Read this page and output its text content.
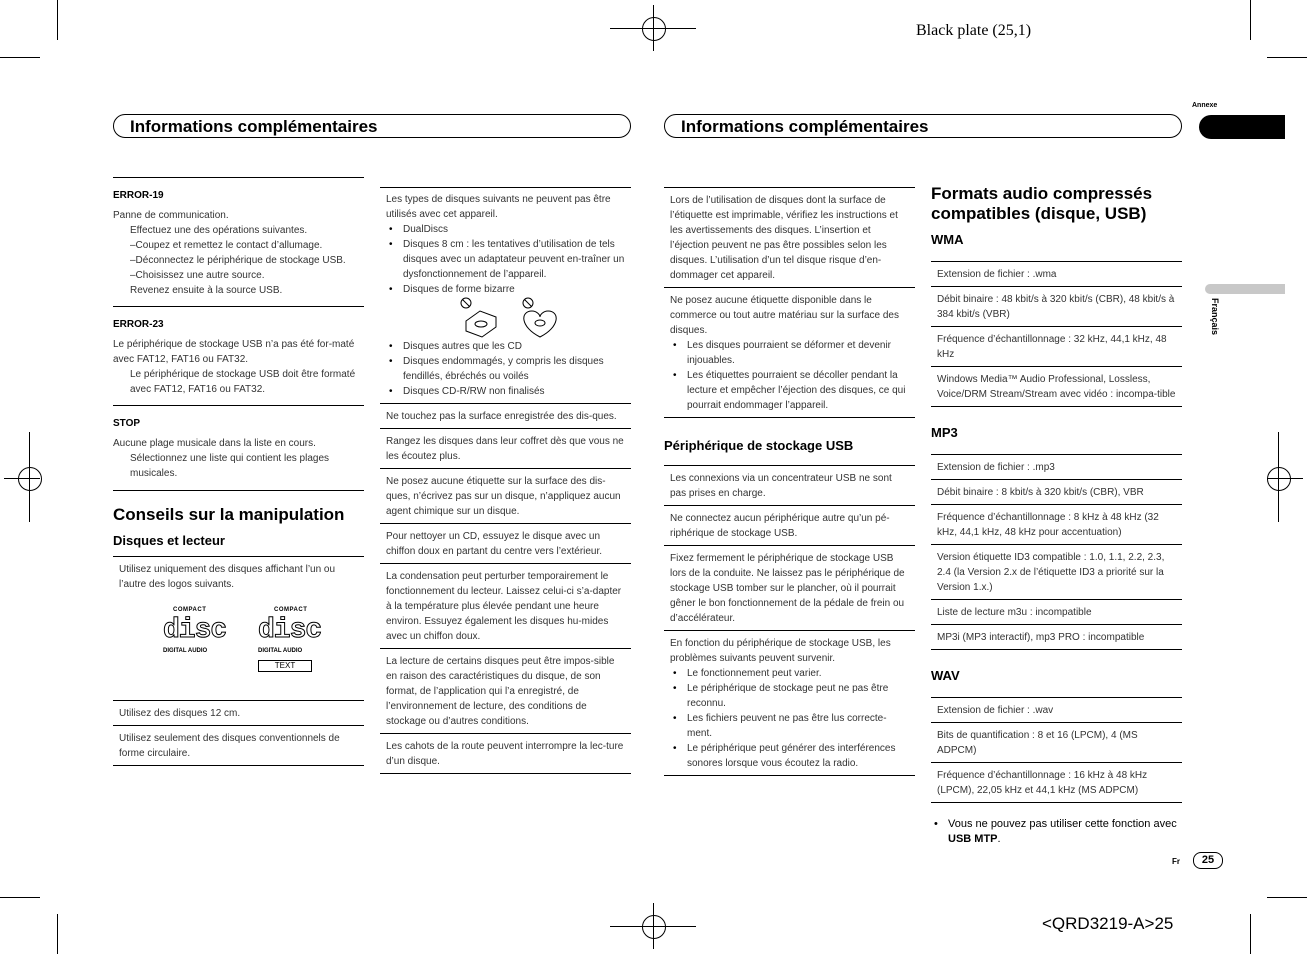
Black plate (25,1)
Informations complémentaires	Informations complémentaires
Annexe
Français
ERROR-19
Panne de communication.
Effectuez une des opérations suivantes.
–Coupez et remettez le contact d’allumage.
–Déconnectez le périphérique de stockage USB.
–Choisissez une autre source.
Revenez ensuite à la source USB.
ERROR-23
Le périphérique de stockage USB n’a pas été for-maté avec FAT12, FAT16 ou FAT32.
Le périphérique de stockage USB doit être formaté avec FAT12, FAT16 ou FAT32.
STOP
Aucune plage musicale dans la liste en cours.
Sélectionnez une liste qui contient les plages musicales.
Conseils sur la manipulation
Disques et lecteur
Utilisez uniquement des disques affichant l’un ou l’autre des logos suivants.
COMPACT
disc
DIGITAL AUDIO
COMPACT
disc
DIGITAL AUDIO
TEXT
Utilisez des disques 12 cm.
Utilisez seulement des disques conventionnels de forme circulaire.
Les types de disques suivants ne peuvent pas être utilisés avec cet appareil.
• DualDiscs
• Disques 8 cm : les tentatives d’utilisation de tels disques avec un adaptateur peuvent en-traîner un dysfonctionnement de l’appareil.
• Disques de forme bizarre
• Disques autres que les CD
• Disques endommagés, y compris les disques fendillés, ébréchés ou voilés
• Disques CD-R/RW non finalisés
Ne touchez pas la surface enregistrée des dis-ques.
Rangez les disques dans leur coffret dès que vous ne les écoutez plus.
Ne posez aucune étiquette sur la surface des dis-ques, n’écrivez pas sur un disque, n’appliquez aucun agent chimique sur un disque.
Pour nettoyer un CD, essuyez le disque avec un chiffon doux en partant du centre vers l’extérieur.
La condensation peut perturber temporairement le fonctionnement du lecteur. Laissez celui-ci s’a-dapter à la température plus élevée pendant une heure environ. Essuyez également les disques hu-mides avec un chiffon doux.
La lecture de certains disques peut être impos-sible en raison des caractéristiques du disque, de son format, de l’application qui l’a enregistré, de l’environnement de lecture, des conditions de stockage ou d’autres conditions.
Les cahots de la route peuvent interrompre la lec-ture d’un disque.
Lors de l’utilisation de disques dont la surface de l’étiquette est imprimable, vérifiez les instructions et les avertissements des disques. L’insertion et l’éjection peuvent ne pas être possibles selon les disques. L’utilisation d’un tel disque risque d’en-dommager cet appareil.
Ne posez aucune étiquette disponible dans le commerce ou tout autre matériau sur la surface des disques.
• Les disques pourraient se déformer et devenir injouables.
• Les étiquettes pourraient se décoller pendant la lecture et empêcher l’éjection des disques, ce qui pourrait endommager l’appareil.
Périphérique de stockage USB
Les connexions via un concentrateur USB ne sont pas prises en charge.
Ne connectez aucun périphérique autre qu’un pé-riphérique de stockage USB.
Fixez fermement le périphérique de stockage USB lors de la conduite. Ne laissez pas le périphérique de stockage USB tomber sur le plancher, où il pourrait gêner le bon fonctionnement de la pédale de frein ou d’accélérateur.
En fonction du périphérique de stockage USB, les problèmes suivants peuvent survenir.
• Le fonctionnement peut varier.
• Le périphérique de stockage peut ne pas être reconnu.
• Les fichiers peuvent ne pas être lus correcte-ment.
• Le périphérique peut générer des interférences sonores lorsque vous écoutez la radio.
Formats audio compressés compatibles (disque, USB)
WMA
Extension de fichier : .wma
Débit binaire : 48 kbit/s à 320 kbit/s (CBR), 48 kbit/s à 384 kbit/s (VBR)
Fréquence d’échantillonnage : 32 kHz, 44,1 kHz, 48 kHz
Windows Media™ Audio Professional, Lossless, Voice/DRM Stream/Stream avec vidéo : incompa-tible
MP3
Extension de fichier : .mp3
Débit binaire : 8 kbit/s à 320 kbit/s (CBR), VBR
Fréquence d’échantillonnage : 8 kHz à 48 kHz (32 kHz, 44,1 kHz, 48 kHz pour accentuation)
Version étiquette ID3 compatible : 1.0, 1.1, 2.2, 2.3, 2.4 (la Version 2.x de l’étiquette ID3 a priorité sur la Version 1.x.)
Liste de lecture m3u : incompatible
MP3i (MP3 interactif), mp3 PRO : incompatible
WAV
Extension de fichier : .wav
Bits de quantification : 8 et 16 (LPCM), 4 (MS ADPCM)
Fréquence d’échantillonnage : 16 kHz à 48 kHz (LPCM), 22,05 kHz et 44,1 kHz (MS ADPCM)
• Vous ne pouvez pas utiliser cette fonction avec USB MTP.
Fr	25
<QRD3219-A>25
